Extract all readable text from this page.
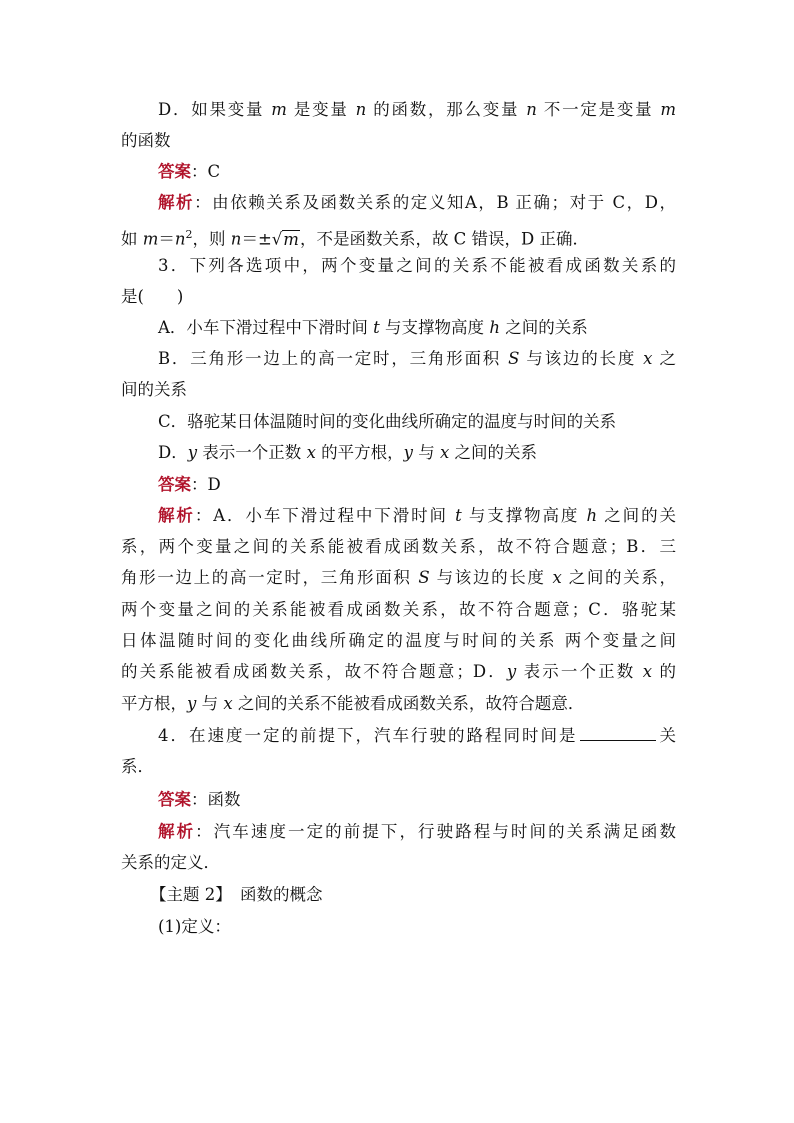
D．如果变量 m 是变量 n 的函数，那么变量 n 不一定是变量 m
的函数
答案：C
解析：由依赖关系及函数关系的定义知A，B 正确；对于 C，D，
如 $m=n^2$，则 n＝±√m，不是函数关系，故 C 错误，D 正确．
3．下列各选项中，两个变量之间的关系不能被看成函数关系的
是(　　)
A．小车下滑过程中下滑时间 t 与支撑物高度 h 之间的关系
B．三角形一边上的高一定时，三角形面积 S 与该边的长度 x 之
间的关系
C．骆驼某日体温随时间的变化曲线所确定的温度与时间的关系
D．y 表示一个正数 x 的平方根，y 与 x 之间的关系
答案：D
解析：A．小车下滑过程中下滑时间 t 与支撑物高度 h 之间的关
系，两个变量之间的关系能被看成函数关系，故不符合题意；B．三
角形一边上的高一定时，三角形面积 S 与该边的长度 x 之间的关系，
两个变量之间的关系能被看成函数关系，故不符合题意；C．骆驼某
日体温随时间的变化曲线所确定的温度与时间的关系 两个变量之间
的关系能被看成函数关系，故不符合题意；D．y 表示一个正数 x 的
平方根，y 与 x 之间的关系不能被看成函数关系，故符合题意．
4．在速度一定的前提下，汽车行驶的路程同时间是	关
系．
答案：函数
解析：汽车速度一定的前提下，行驶路程与时间的关系满足函数
关系的定义．
【主题 2】　函数的概念
(1)定义：
